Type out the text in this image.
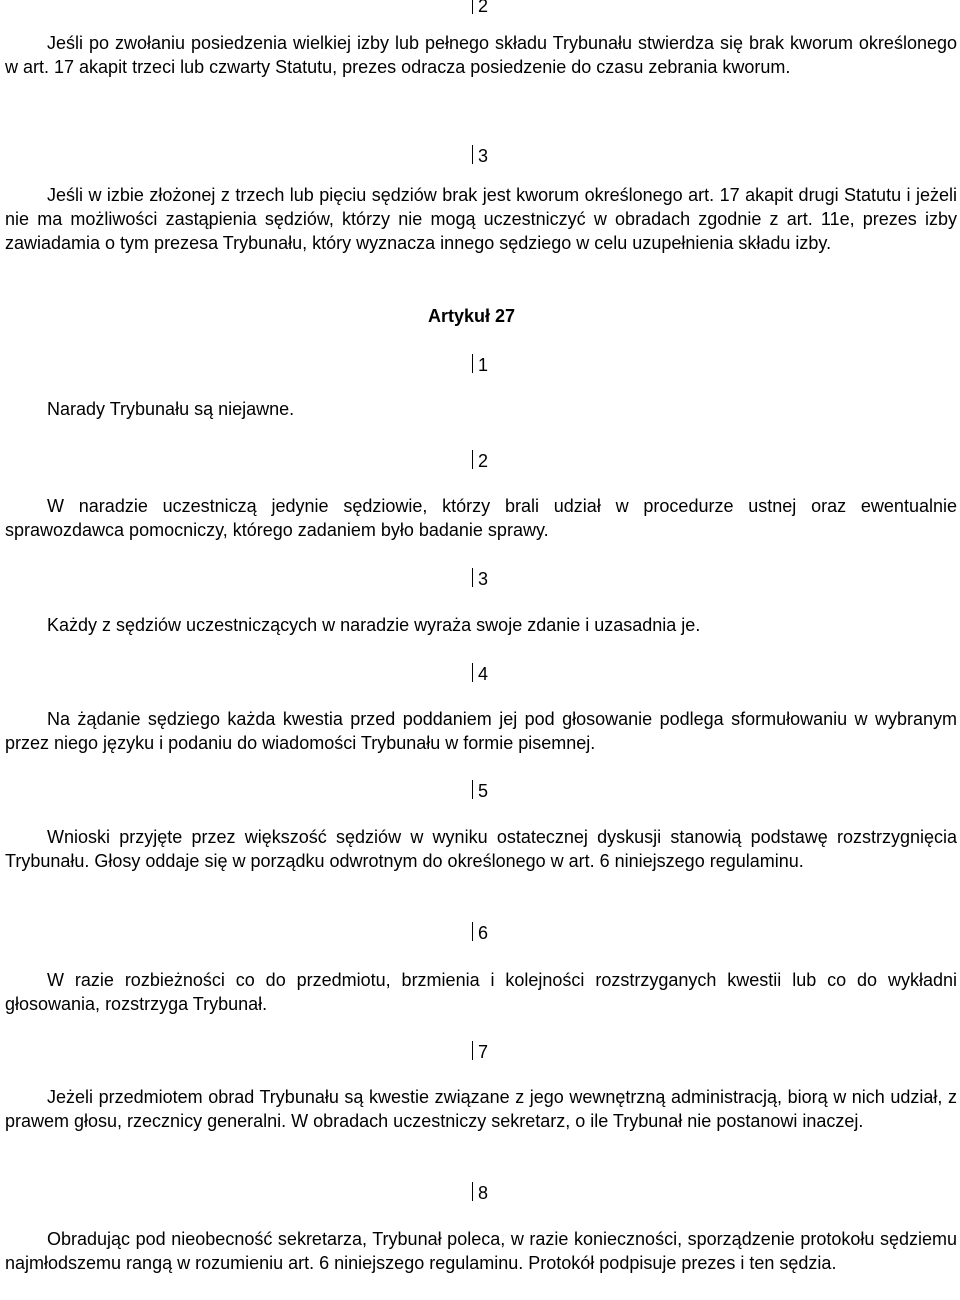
2

Jeśli po zwołaniu posiedzenia wielkiej izby lub pełnego składu Trybunału stwierdza się brak kworum określonego w art. 17 akapit trzeci lub czwarty Statutu, prezes odracza posiedzenie do czasu zebrania kworum.

3

Jeśli w izbie złożonej z trzech lub pięciu sędziów brak jest kworum określonego art. 17 akapit drugi Statutu i jeżeli nie ma możliwości zastąpienia sędziów, którzy nie mogą uczestniczyć w obradach zgodnie z art. 11e, prezes izby zawiadamia o tym prezesa Trybunału, który wyznacza innego sędziego w celu uzupełnienia składu izby.

Artykuł 27

1

Narady Trybunału są niejawne.

2

W naradzie uczestniczą jedynie sędziowie, którzy brali udział w procedurze ustnej oraz ewentualnie sprawozdawca pomocniczy, którego zadaniem było badanie sprawy.

3

Każdy z sędziów uczestniczących w naradzie wyraża swoje zdanie i uzasadnia je.

4

Na żądanie sędziego każda kwestia przed poddaniem jej pod głosowanie podlega sformułowaniu w wybranym przez niego języku i podaniu do wiadomości Trybunału w formie pisemnej.

5

Wnioski przyjęte przez większość sędziów w wyniku ostatecznej dyskusji stanowią podstawę rozstrzygnięcia Trybunału. Głosy oddaje się w porządku odwrotnym do określonego w art. 6 niniejszego regulaminu.

6

W razie rozbieżności co do przedmiotu, brzmienia i kolejności rozstrzyganych kwestii lub co do wykładni głosowania, rozstrzyga Trybunał.

7

Jeżeli przedmiotem obrad Trybunału są kwestie związane z jego wewnętrzną administracją, biorą w nich udział, z prawem głosu, rzecznicy generalni. W obradach uczestniczy sekretarz, o ile Trybunał nie postanowi inaczej.

8

Obradując pod nieobecność sekretarza, Trybunał poleca, w razie konieczności, sporządzenie protokołu sędziemu najmłodszemu rangą w rozumieniu art. 6 niniejszego regulaminu. Protokół podpisuje prezes i ten sędzia.
